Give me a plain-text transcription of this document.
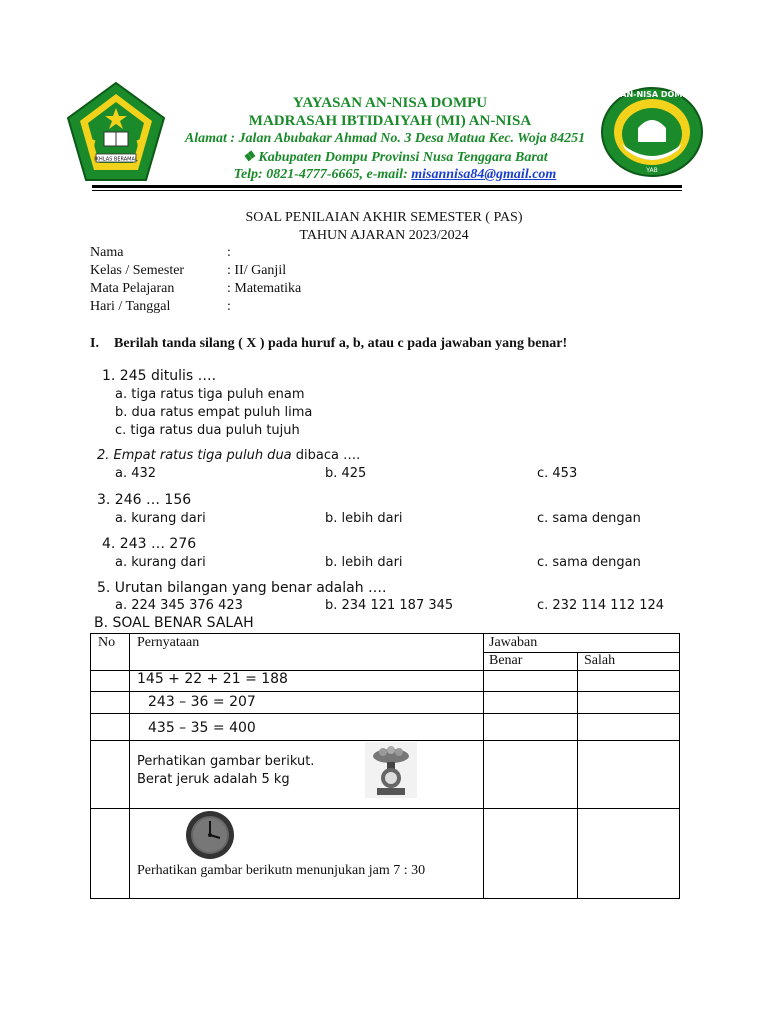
IKHLAS BERAMAL
MIAN-NISA DOMPU
YAB
YAYASAN AN-NISA DOMPU
MADRASAH IBTIDAIYAH (MI) AN-NISA
Alamat : Jalan Abubakar Ahmad No. 3 Desa Matua Kec. Woja 84251
❖ Kabupaten Dompu Provinsi Nusa Tenggara Barat
Telp: 0821-4777-6665, e-mail: misannisa84@gmail.com
SOAL PENILAIAN AKHIR SEMESTER ( PAS)
TAHUN AJARAN 2023/2024
Nama	:
Kelas / Semester	: II/ Ganjil
Mata Pelajaran	: Matematika
Hari / Tanggal	:
I. Berilah tanda silang ( X ) pada huruf a, b, atau c pada jawaban yang benar!
1. 245 ditulis ….
a. tiga ratus tiga puluh enam
b. dua ratus empat puluh lima
c. tiga ratus dua puluh tujuh
2. Empat ratus tiga puluh dua dibaca ….
a. 432	b. 425	c. 453
3. 246 … 156
a. kurang dari	b. lebih dari	c. sama dengan
4. 243 … 276
a. kurang dari	b. lebih dari	c. sama dengan
5. Urutan bilangan yang benar adalah ….
a. 224 345 376 423	b. 234 121 187 345	c. 232 114 112 124
B. SOAL BENAR SALAH
No Pernyataan	Jawaban
Benar	Salah
145 + 22 + 21 = 188
243 – 36 = 207
435 – 35 = 400
Perhatikan gambar berikut.
Berat jeruk adalah 5 kg
Perhatikan gambar berikutn menunjukan jam 7 : 30
